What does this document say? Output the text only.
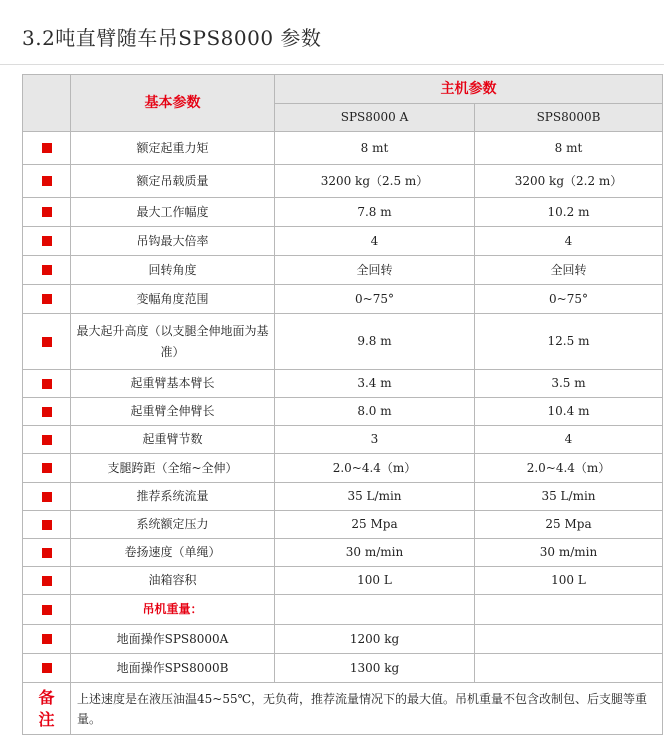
3.2吨直臂随车吊SPS8000 参数
	基本参数	主机参数	
		SPS8000 A	SPS8000B
	额定起重力矩	8 mt	8 mt
	额定吊载质量	3200 kg（2.5 m）	3200 kg（2.2 m）
	最大工作幅度	7.8 m	10.2 m
	吊钩最大倍率	4	4
	回转角度	全回转	全回转
	变幅角度范围	0~75°	0~75°
	最大起升高度（以支腿全伸地面为基准）	9.8 m	12.5 m
	起重臂基本臂长	3.4 m	3.5 m
	起重臂全伸臂长	8.0 m	10.4 m
	起重臂节数	3	4
	支腿跨距（全缩~全伸）	2.0~4.4（m）	2.0~4.4（m）
	推荐系统流量	35 L/min	35 L/min
	系统额定压力	25 Mpa	25 Mpa
	卷扬速度（单绳）	30 m/min	30 m/min
	油箱容积	100 L	100 L
	吊机重量：		
	地面操作SPS8000A	1200 kg	
	地面操作SPS8000B	1300 kg	
备
注	上述速度是在液压油温45~55℃，无负荷，推荐流量情况下的最大值。吊机重量不包含改制包、后支腿等重量。		
